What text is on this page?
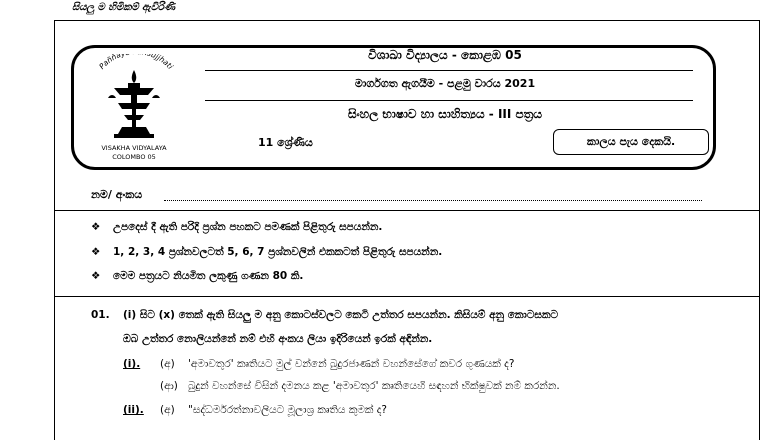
සියලු ම හිමිකම් ඇවිරිණි
Paññā ujjhati
VISAKHA VIDYALAYA
COLOMBO 05
විශාඛා විද්‍යාලය - කොළඹ 05
මාර්ගගත ඇගයීම - පළමු වාරය 2021
සිංහල භාෂාව හා සාහිත්‍යය - III පත්‍රය
11 ශ්‍රේණිය	කාලය පැය දෙකයි.
නම/ අංකය
❖ උපදෙස් දී ඇති පරිදි ප්‍රශ්න පහකට පමණක් පිළිතුරු සපයන්න.
❖ 1, 2, 3, 4 ප්‍රශ්නවලටත් 5, 6, 7 ප්‍රශ්නවලින් එකකටත් පිළිතුරු සපයන්න.
❖ මෙම පත්‍රයට නියමිත ලකුණු ගණන 80 කි.
01. (i) සිට (x) තෙක් ඇති සියලු ම අනු කොටස්වලට කෙටි උත්තර සපයන්න. කිසියම් අනු කොටසකට
ඔබ උත්තර නොලියන්නේ නම් එහි අංකය ලියා ඉදිරියෙන් ඉරක් අඳින්න.
(i). (අ) 'අමාවතුර' කෘතියට මුල් වන්නේ බුදුරජාණන් වහන්සේගේ කවර ගුණයක් ද?
(ආ) බුදුන් වහන්සේ විසින් දමනය කළ 'අමාවතුර' කෘතියෙහි සඳහන් භික්ෂුවක් නම් කරන්න.
(ii). (අ) "සද්ධර්මරත්නාවලියට මූලාශ්‍ර කෘතිය කුමක් ද?
